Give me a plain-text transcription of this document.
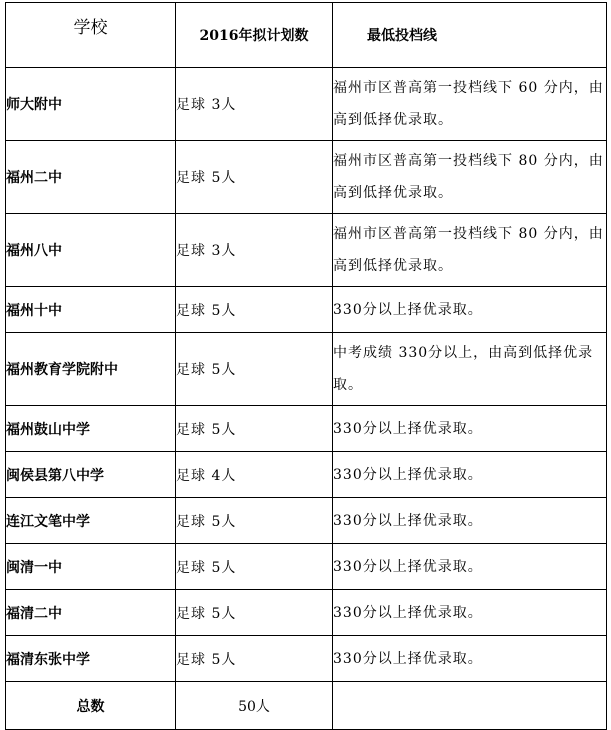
学校	2016年拟计划数	最低投档线
师大附中	足球 3人	福州市区普高第一投档线下 60 分内，由高到低择优录取。
福州二中	足球 5人	福州市区普高第一投档线下 80 分内，由高到低择优录取。
福州八中	足球 3人	福州市区普高第一投档线下 80 分内，由高到低择优录取。
福州十中	足球 5人	330分以上择优录取。
福州教育学院附中	足球 5人	中考成绩 330分以上，由高到低择优录取。
福州鼓山中学	足球 5人	330分以上择优录取。
闽侯县第八中学	足球 4人	330分以上择优录取。
连江文笔中学	足球 5人	330分以上择优录取。
闽清一中	足球 5人	330分以上择优录取。
福清二中	足球 5人	330分以上择优录取。
福清东张中学	足球 5人	330分以上择优录取。
总数	50人	
